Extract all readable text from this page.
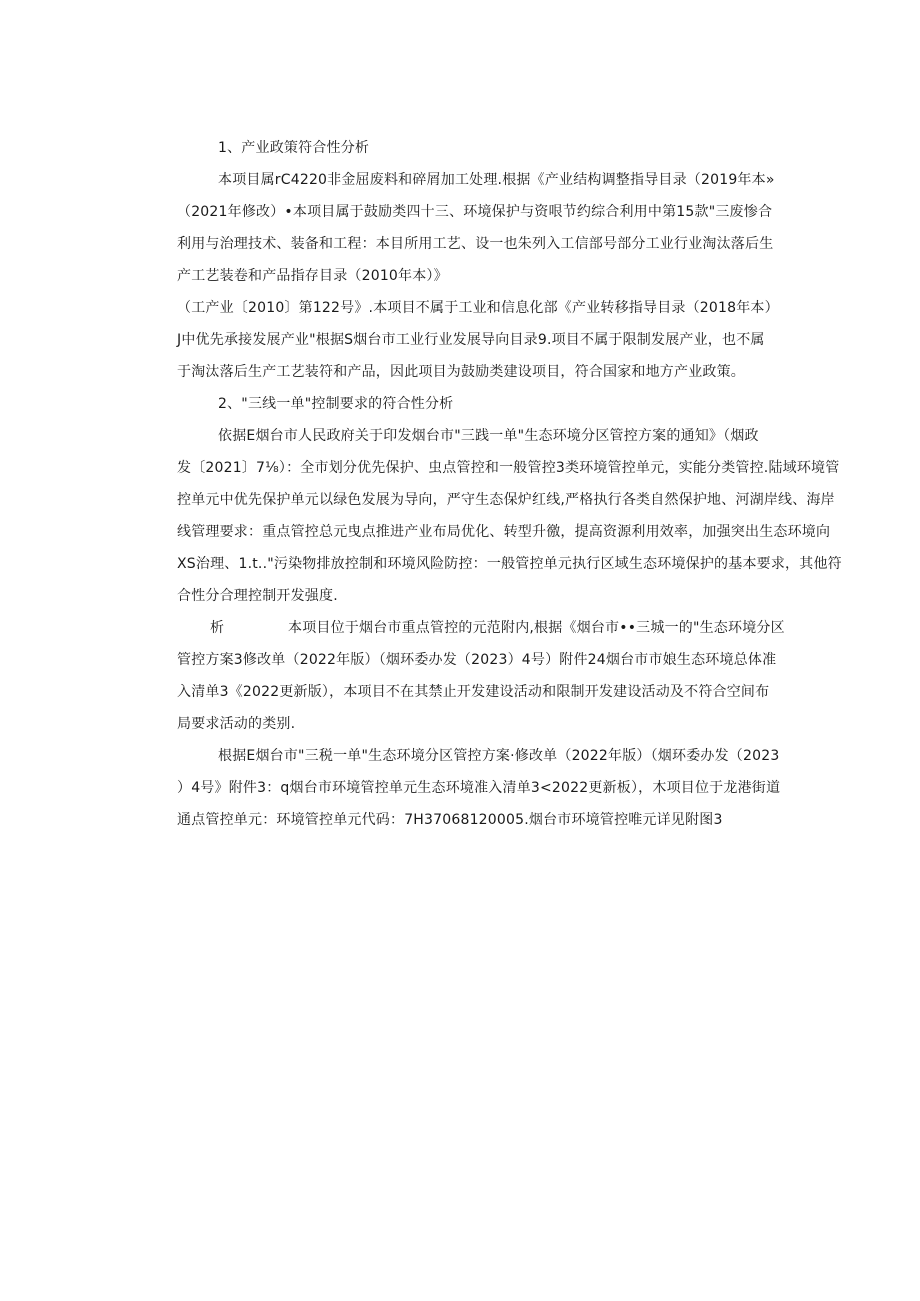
1、产业政策符合性分析
本项目属rC4220非金屈废料和碎屑加工处理.根据《产业结构调整指导目录（2019年本»
（2021年修改）•本项目属于鼓励类四十三、环境保护与资哏节约综合利用中第15款"三废惨合
利用与治理技术、装备和工程：本目所用工艺、设一也朱列入工信部号部分工业行业淘汰落后生
产工艺装卷和产品指存目录（2010年本）》
（工产业〔2010〕第122号》.本项目不属于工业和信息化部《产业转移指导目录（2018年本）
J中优先承接发展产业"根据S烟台市工业行业发展导向目录9.项目不属于限制发展产业，也不属
于淘汰落后生产工艺装符和产品，因此项目为鼓励类建设项目，符合国家和地方产业政策。
2、"三线一单"控制要求的符合性分析
依据E烟台市人民政府关于印发烟台市"三践一单"生态环境分区管控方案的通知》（烟政
发〔2021〕7⅛）：全市划分优先保护、虫点管控和一般管控3类环境管控单元，实能分类管控.陆域环境管
控单元中优先保护单元以绿色发展为导向，严守生态保炉红线,严格执行各类自然保护地、河湖岸线、海岸
线管理要求：重点管控总元曳点推进产业布局优化、转型升徼，提高资源利用效率，加强突出生态环境向
XS治理、1.t.."污染物排放控制和环境风险防控：一般管控单元执行区域生态环境保护的基本要求，其他符
合性分合理控制开发强度.
析	本项目位于烟台市重点管控的元范附内,根据《烟台市••三城一的"生态环境分区
管控方案3修改单（2022年版）（烟环委办发（2023）4号）附件24烟台市市娘生态环境总体准
入清单3《2022更新版），本项目不在其禁止开发建设活动和限制开发建设活动及不符合空间布
局要求活动的类别.
根据E烟台市"三税一单"生态环境分区管控方案·修改单（2022年版）（烟环委办发（2023
）4号》附件3：q烟台市环境管控单元生态环境准入清单3<2022更新板），木项目位于龙港街道
通点管控单元：环境管控单元代码：7H37068120005.烟台市环境管控唯元详见附图3
